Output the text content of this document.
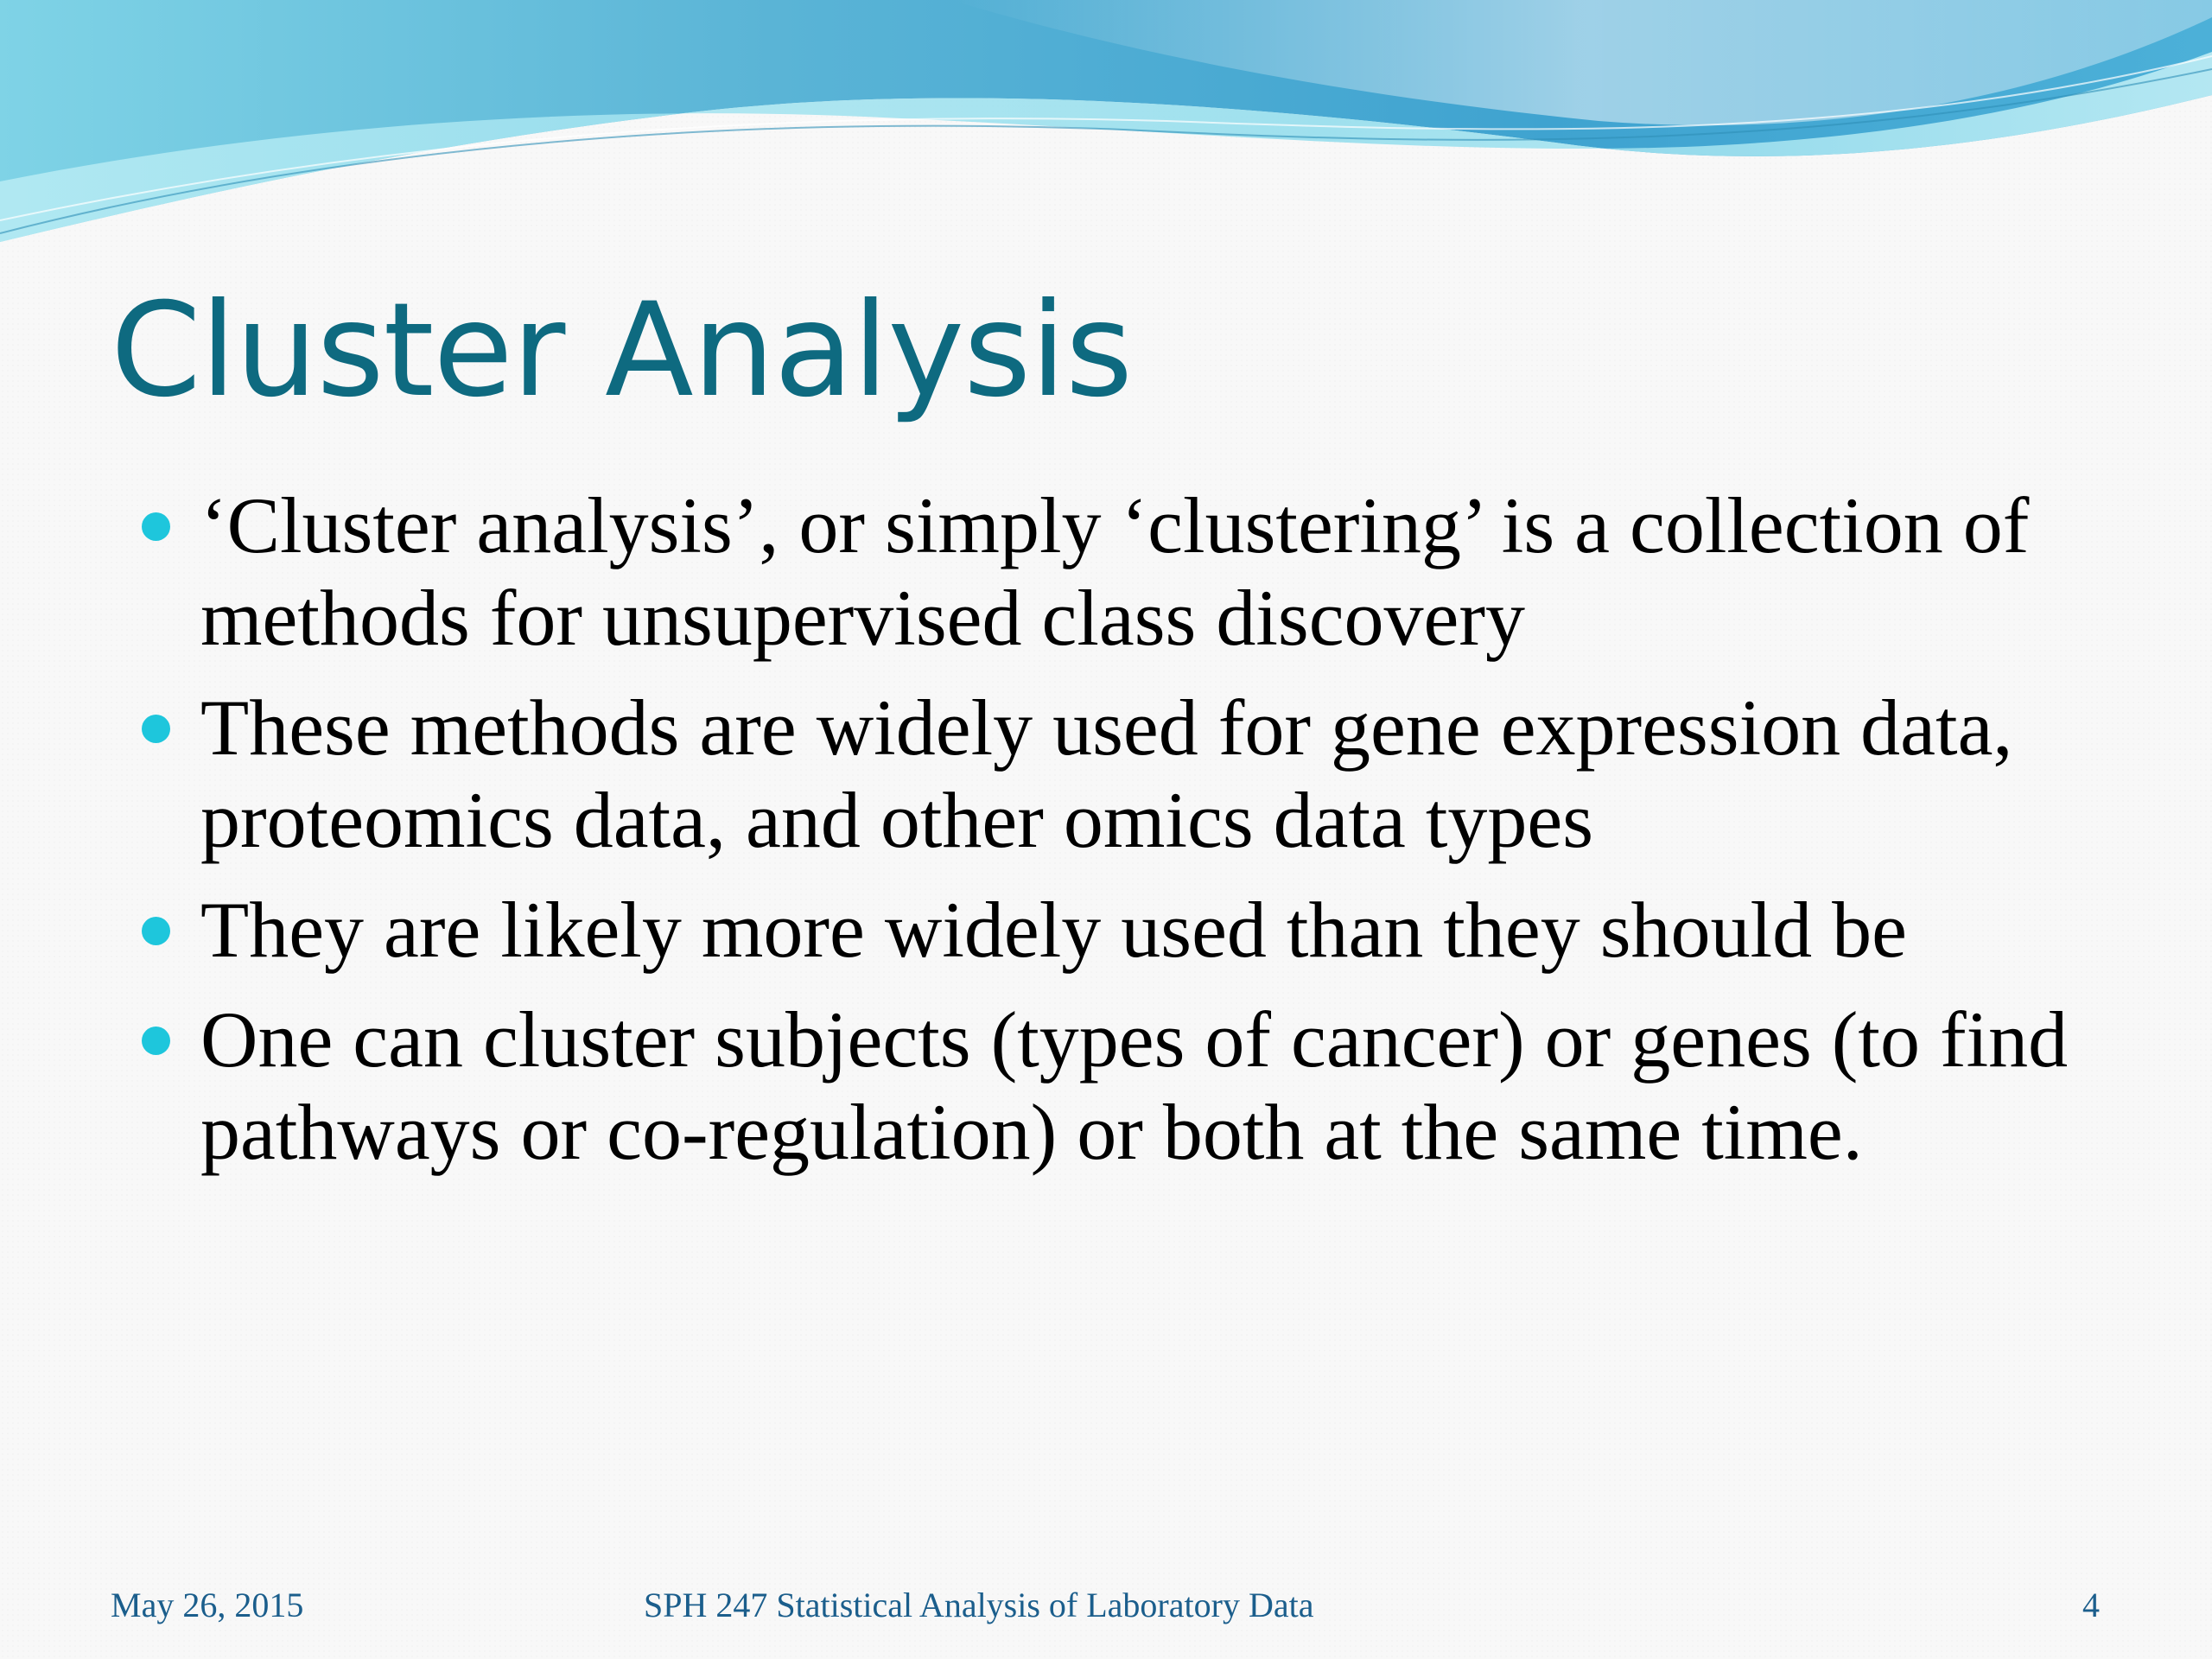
Cluster Analysis
‘Cluster analysis’, or simply ‘clustering’ is a collection of methods for unsupervised class discovery
These methods are widely used for gene expression data, proteomics data, and other omics data types
They are likely more widely used than they should be
One can cluster subjects (types of cancer) or genes (to find pathways or co-regulation) or both at the same time.
May 26, 2015	SPH 247 Statistical Analysis of Laboratory Data	4
